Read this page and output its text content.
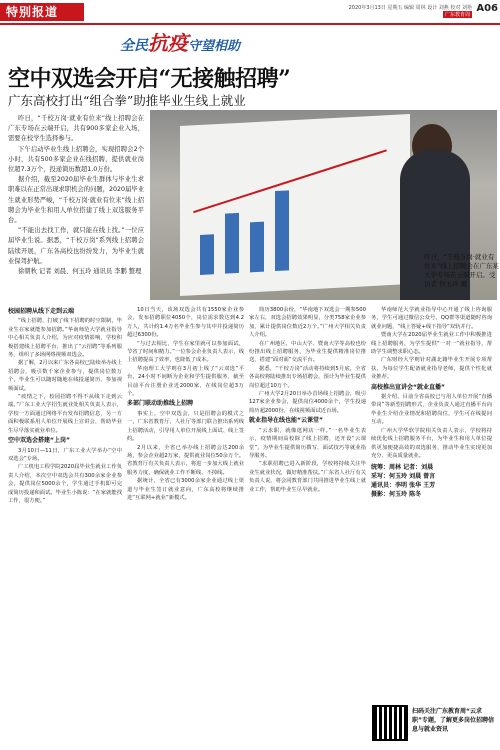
特别报道	2020年3月13日 星期五 编辑 周林 设计 刘燕 校对 刘艳
广东教育周
A06
全民抗疫守望相助
空中双选会开启“无接触招聘”
广东高校打出“组合拳”助推毕业生线上就业

昨日，“千校万岗·就业有位来”线上招聘会在广东专场在云端开启，共有900多家企业入场，需要在校学生选择参与。

下午启动毕业生线上招聘会，实现招聘会2个小时，共有500多家企业在线招聘，提供就业岗位超7.3万个，投递简历数超1.0万份。

据介绍，截至2020届毕业生群体与毕业生求职难以在正常出现求职机会的问题，2020届毕业生就业形势严峻，“千校万岗·就业有位来”线上招聘会为毕业生和用人单位搭建了线上双选服务平台。

“不能出去找工作，就只能在线上找。”一位应届毕业生说。据悉，“千校万岗”系列线上招聘会陆续开展，广东各高校也纷纷发力，为毕业生就业保驾护航。

徐朝秋 记者 刘晨、何玉玲 通讯员 李鹏 整理

昨日，“千校万岗·就业有位来”线上招聘会在广东某大学专场在云端开启。受访者 何玉玲 摄
校园招聘从线下走到云端

“线上招聘，打破了线下招聘的时空限制，毕业生在家就能参加招聘。”华南师范大学就业指导中心相关负责人介绍，为应对疫情影响，学校积极搭建线上招聘平台，推出了“云招聘”等系列服务，组织了多场网络视频双选会。

据了解，2月以来广东各高校已陆续举办线上招聘会，吸引数千家企业参与，提供岗位数万个，毕业生可以随时随地在线投递简历、参加视频面试。

“疫情之下，校园招聘不得不从线下走到云端。”广东工业大学招生就业处相关负责人表示，学校一方面通过网络平台发布招聘信息，另一方面积极联系用人单位开展线上宣讲会，帮助毕业生尽早落实就业单位。

空中双选会搭建“上岗”

3月10日—11日，广东工业大学举办“空中双选会”专场。

广工机电工程学院2020届毕业生就业工作负责人介绍，本次空中双选会共有300余家企业参会，提供岗位5000余个，学生通过手机即可完成简历投递和面试。毕业生小陈说：“在家就能找工作，很方便。”

10日当天，该场双选会共有1550家企业参会，发布招聘职位4050个，岗位需求数达到4.2万人，共计约1.4万名毕业生参与其中并投递简历超过6300份。

“与过去相比，学生在家里就可以参加面试，节省了时间和精力。”一位参会企业负责人表示，线上招聘提高了效率，也降低了成本。

华南理工大学则在3月初上线了“云双选”平台，24小时不间断为企业和学生提供服务，截至目前平台注册企业近2000家，在线岗位超3万个。

多部门联动助推线上招聘

事实上，空中双选会，只是招聘会的模式之一，广东省教育厅、人社厅等部门联合推出系列线上招聘活动，引导用人单位开展线上面试、线上签约。

2月以来，全省已举办线上招聘会达200余场，参会企业超2万家，提供就业岗位50余万个。省教育厅有关负责人表示，将进一步加大线上就业服务力度，确保就业工作不断线、不掉线。

据统计，全省已有3000余家企业通过线上渠道与毕业生签订就业意向，广东高校将继续推进“互联网+就业”新模式。

简历3800余份，“华南地下双选会一期参500家左右，双选会招聘效果明显，分类758家企业参加，累计提供岗位数近2万个。”广州大学相关负责人介绍。

在广州地区，中山大学、暨南大学等高校也纷纷推出线上招聘服务，为毕业生提供精准岗位推送，搭建“面对面”交流平台。

据悉，“千校万岗”活动将持续到5月底，全省各高校将陆续推出专场招聘会，预计为毕业生提供岗位超过10万个。

广州大学2月20日举办首场线上招聘会，吸引127家企业参会，提供岗位4000余个，学生投递简历超2000份，在线视频面试近百场。

就业指导在线也能“云课堂”

“云求职，就像逛网店一样。”一名毕业生表示，疫情期间高校除了线上招聘，还开设“云课堂”，为毕业生提供简历撰写、面试技巧等就业指导服务。

“求职招聘已进入新阶段，学校将持续关注毕业生就业状况，做好精准帮扶。”广东省人社厅有关负责人说，将会同教育部门共同推进毕业生线上就业工作，帮助毕业生尽早就业。

华南师范大学就业指导中心开通了线上咨询服务，学生可通过微信公众号、QQ群等渠道随时咨询就业问题，“线上答疑+线下指导”双轨并行。

暨南大学在2020届毕业生就业工作中积极推进线上招聘服务，为学生提供“一对一”就业指导，帮助学生调整求职心态。

广东财经大学则针对湖北籍毕业生开展专项帮扶，为每位学生配备就业指导老师，提供个性化就业推荐。

高校推出宣讲会“就业直播”

据介绍，目前全省高校已与用人单位开展“直播带岗”等新型招聘形式，企业负责人通过直播平台向毕业生介绍企业情况和招聘岗位，学生可在线提问互动。

广州大学华软学院相关负责人表示，学校将持续优化线上招聘服务平台，为毕业生和用人单位提供更加便捷高效的双选服务，推动毕业生实现更加充分、更高质量就业。

统筹：周林 记者：刘晨
采写：何玉玲 刘晨 曾言
通讯员：李明 张华 王芳
摄影：何玉玲 陈冬
扫码关注广东教育周“云求职”专题，了解更多岗位招聘信息与就业资讯
